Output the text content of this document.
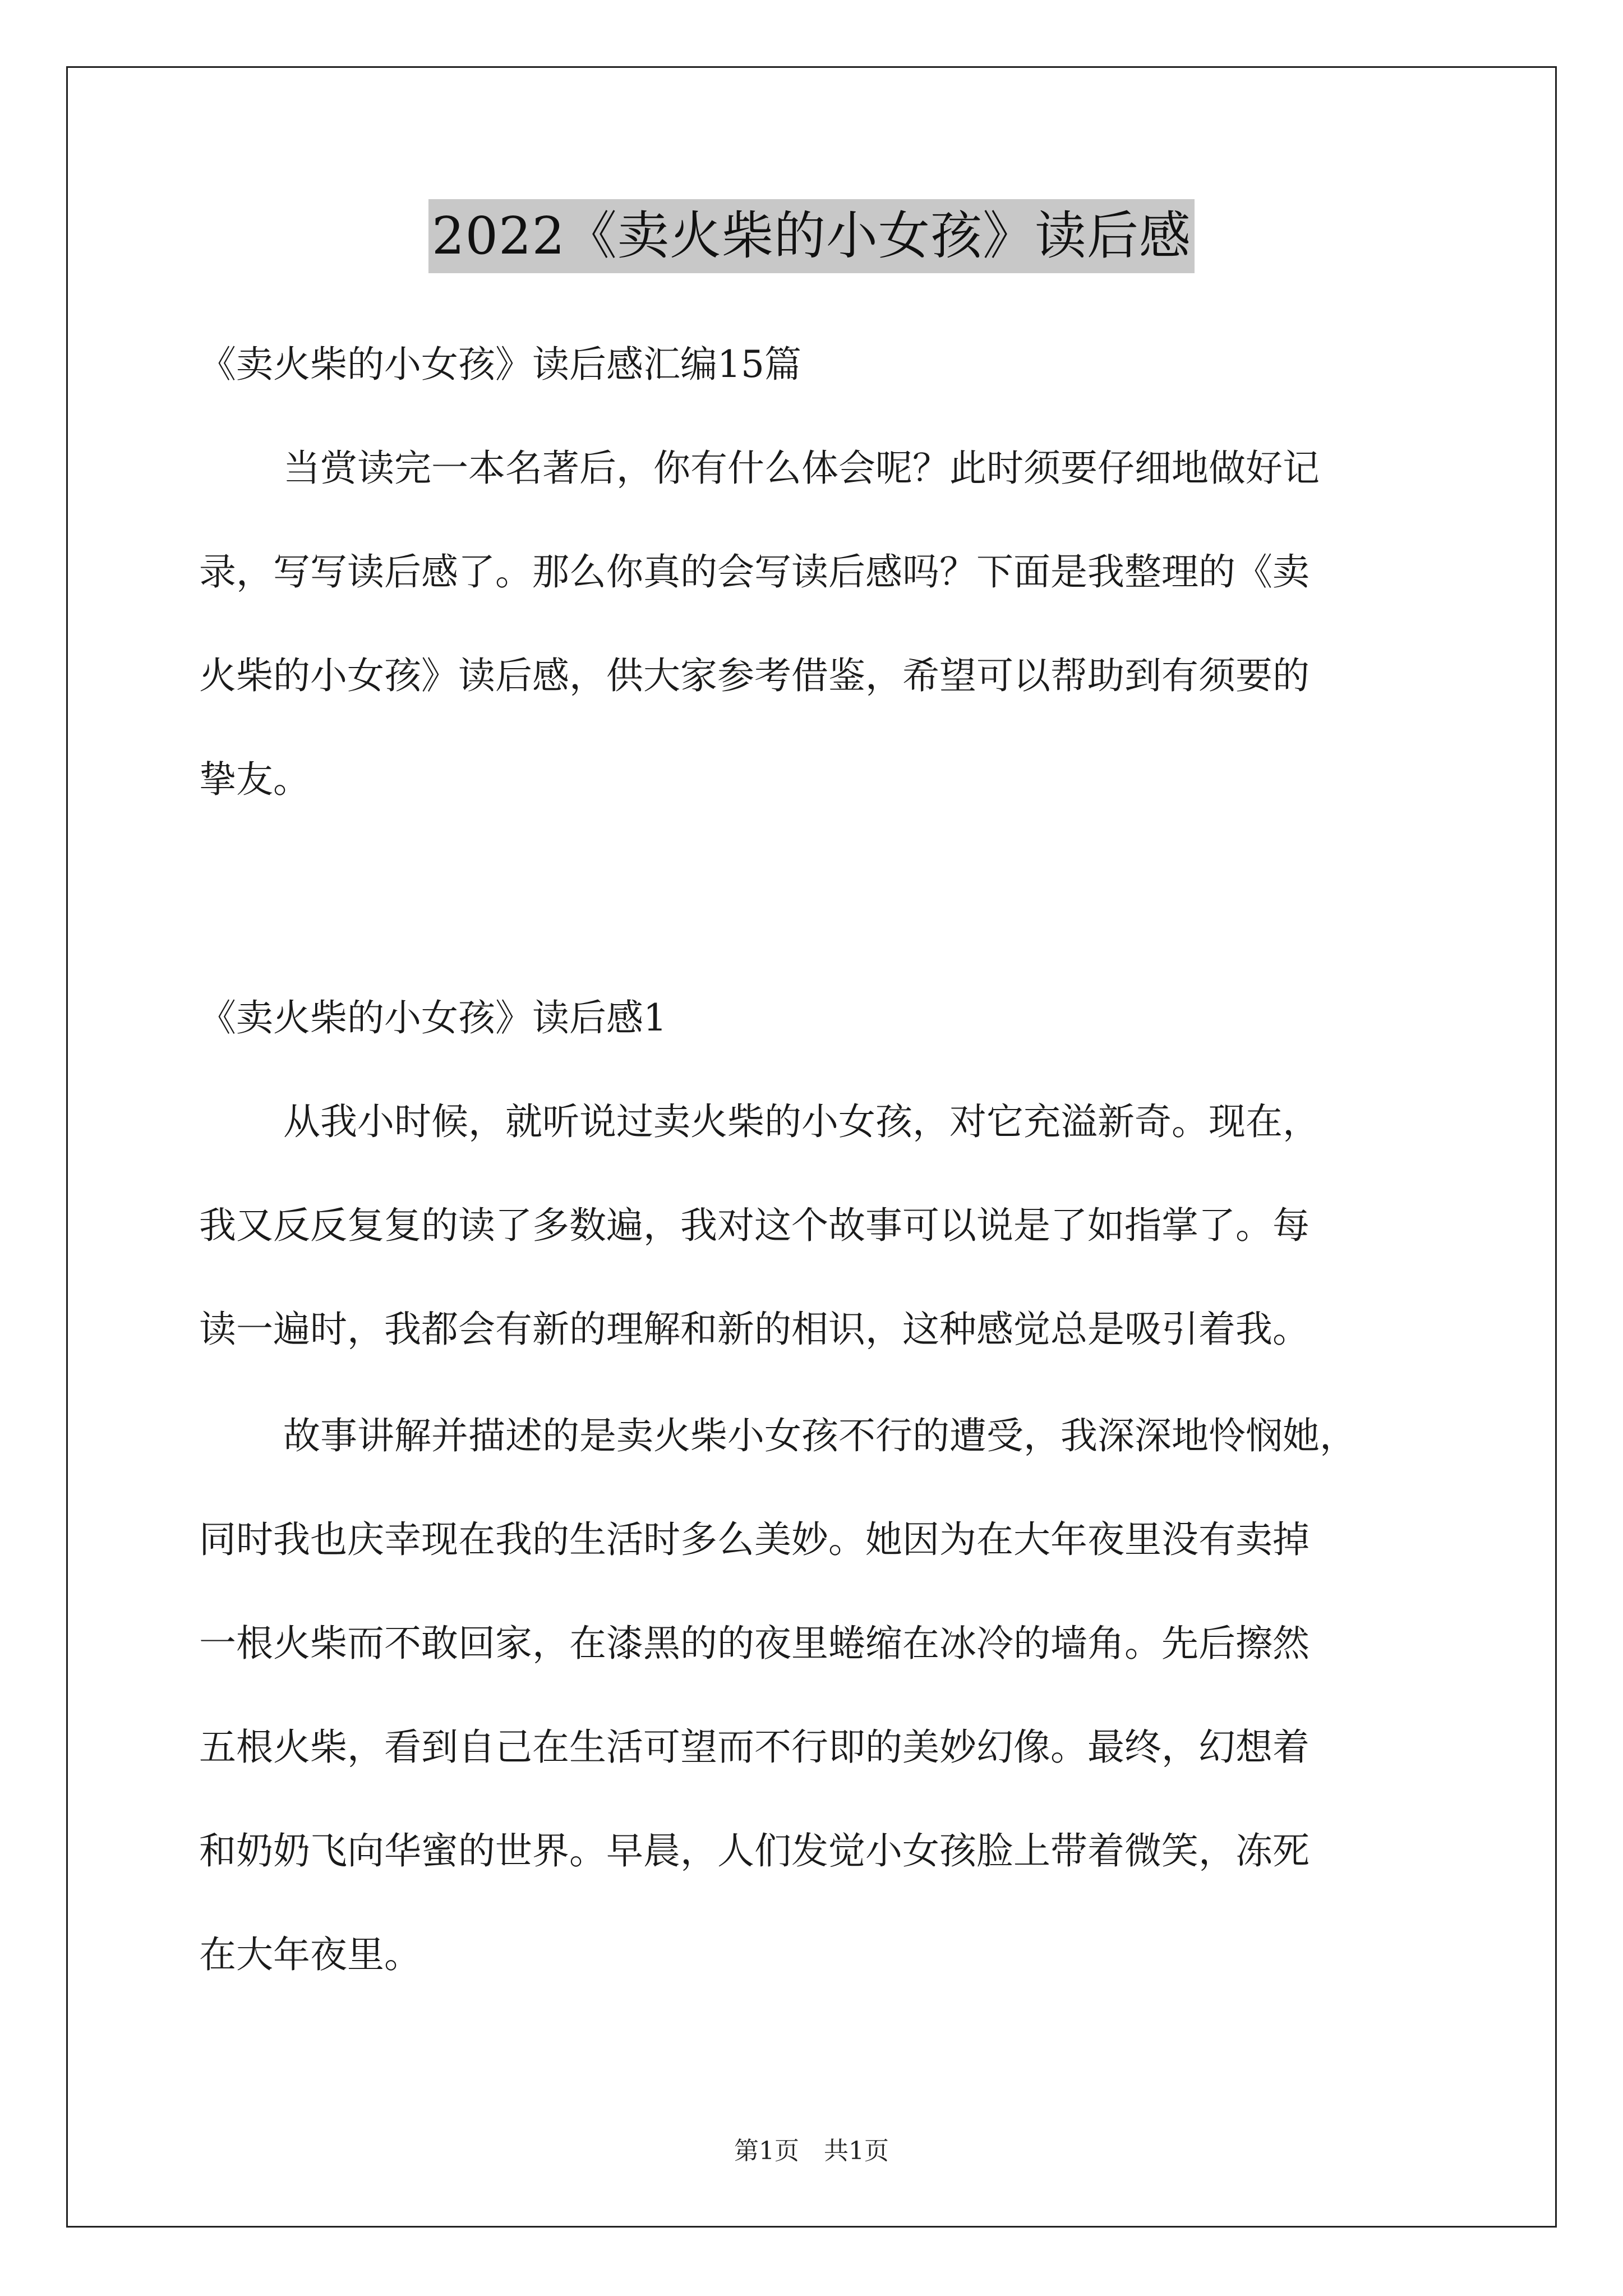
2022《卖火柴的小女孩》读后感
《卖火柴的小女孩》读后感汇编15篇
当赏读完一本名著后，你有什么体会呢？此时须要仔细地做好记
录，写写读后感了。那么你真的会写读后感吗？下面是我整理的《卖
火柴的小女孩》读后感，供大家参考借鉴，希望可以帮助到有须要的
挚友。
《卖火柴的小女孩》读后感1
从我小时候，就听说过卖火柴的小女孩，对它充溢新奇。现在，
我又反反复复的读了多数遍，我对这个故事可以说是了如指掌了。每
读一遍时，我都会有新的理解和新的相识，这种感觉总是吸引着我。
故事讲解并描述的是卖火柴小女孩不行的遭受，我深深地怜悯她，
同时我也庆幸现在我的生活时多么美妙。她因为在大年夜里没有卖掉
一根火柴而不敢回家，在漆黑的的夜里蜷缩在冰冷的墙角。先后擦然
五根火柴，看到自己在生活可望而不行即的美妙幻像。最终，幻想着
和奶奶飞向华蜜的世界。早晨，人们发觉小女孩脸上带着微笑，冻死
在大年夜里。
第1页　共1页
